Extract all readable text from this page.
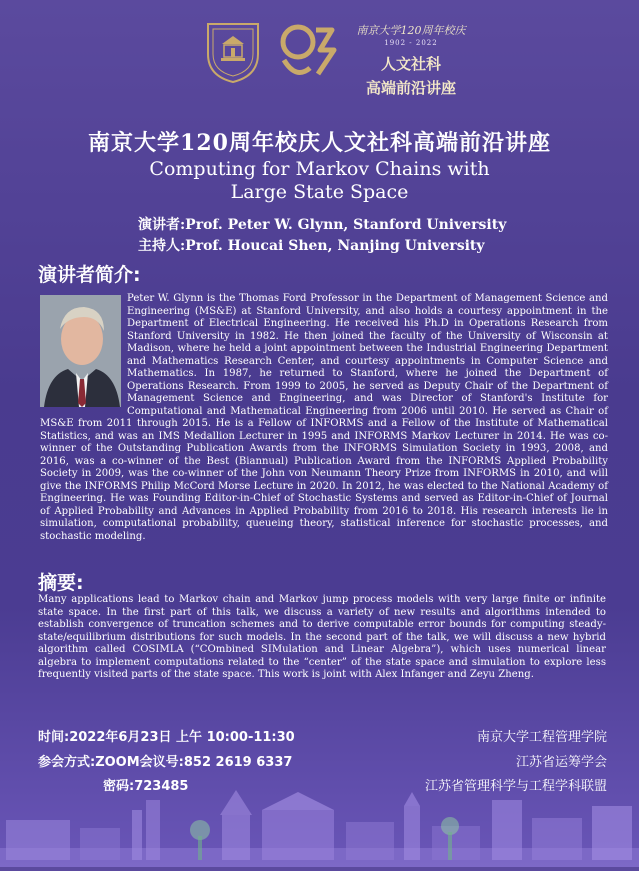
南京大学120周年校庆
1902 - 2022
人文社科
高端前沿讲座
南京大学120周年校庆人文社科高端前沿讲座
Computing for Markov Chains with
Large State Space
演讲者:Prof. Peter W. Glynn, Stanford University
主持人:Prof. Houcai Shen, Nanjing University
演讲者简介:
Peter W. Glynn is the Thomas Ford Professor in the Department of Management Science and Engineering (MS&E) at Stanford University, and also holds a courtesy appointment in the Department of Electrical Engineering. He received his Ph.D in Operations Research from Stanford University in 1982. He then joined the faculty of the University of Wisconsin at Madison, where he held a joint appointment between the Industrial Engineering Department and Mathematics Research Center, and courtesy appointments in Computer Science and Mathematics. In 1987, he returned to Stanford, where he joined the Department of Operations Research. From 1999 to 2005, he served as Deputy Chair of the Department of Management Science and Engineering, and was Director of Stanford's Institute for Computational and Mathematical Engineering from 2006 until 2010. He served as Chair of MS&E from 2011 through 2015. He is a Fellow of INFORMS and a Fellow of the Institute of Mathematical Statistics, and was an IMS Medallion Lecturer in 1995 and INFORMS Markov Lecturer in 2014. He was co-winner of the Outstanding Publication Awards from the INFORMS Simulation Society in 1993, 2008, and 2016, was a co-winner of the Best (Biannual) Publication Award from the INFORMS Applied Probability Society in 2009, was the co-winner of the John von Neumann Theory Prize from INFORMS in 2010, and will give the INFORMS Philip McCord Morse Lecture in 2020. In 2012, he was elected to the National Academy of Engineering. He was Founding Editor-in-Chief of Stochastic Systems and served as Editor-in-Chief of Journal of Applied Probability and Advances in Applied Probability from 2016 to 2018. His research interests lie in simulation, computational probability, queueing theory, statistical inference for stochastic processes, and stochastic modeling.
摘要:
Many applications lead to Markov chain and Markov jump process models with very large finite or infinite state space. In the first part of this talk, we discuss a variety of new results and algorithms intended to establish convergence of truncation schemes and to derive computable error bounds for computing steady-state/equilibrium distributions for such models. In the second part of the talk, we will discuss a new hybrid algorithm called COSIMLA (“COmbined SIMulation and Linear Algebra”), which uses numerical linear algebra to implement computations related to the “center” of the state space and simulation to explore less frequently visited parts of the state space. This work is joint with Alex Infanger and Zeyu Zheng.
时间:2022年6月23日 上午 10:00-11:30
参会方式:ZOOM会议号:852 2619 6337
密码:723485
南京大学工程管理学院
江苏省运筹学会
江苏省管理科学与工程学科联盟
